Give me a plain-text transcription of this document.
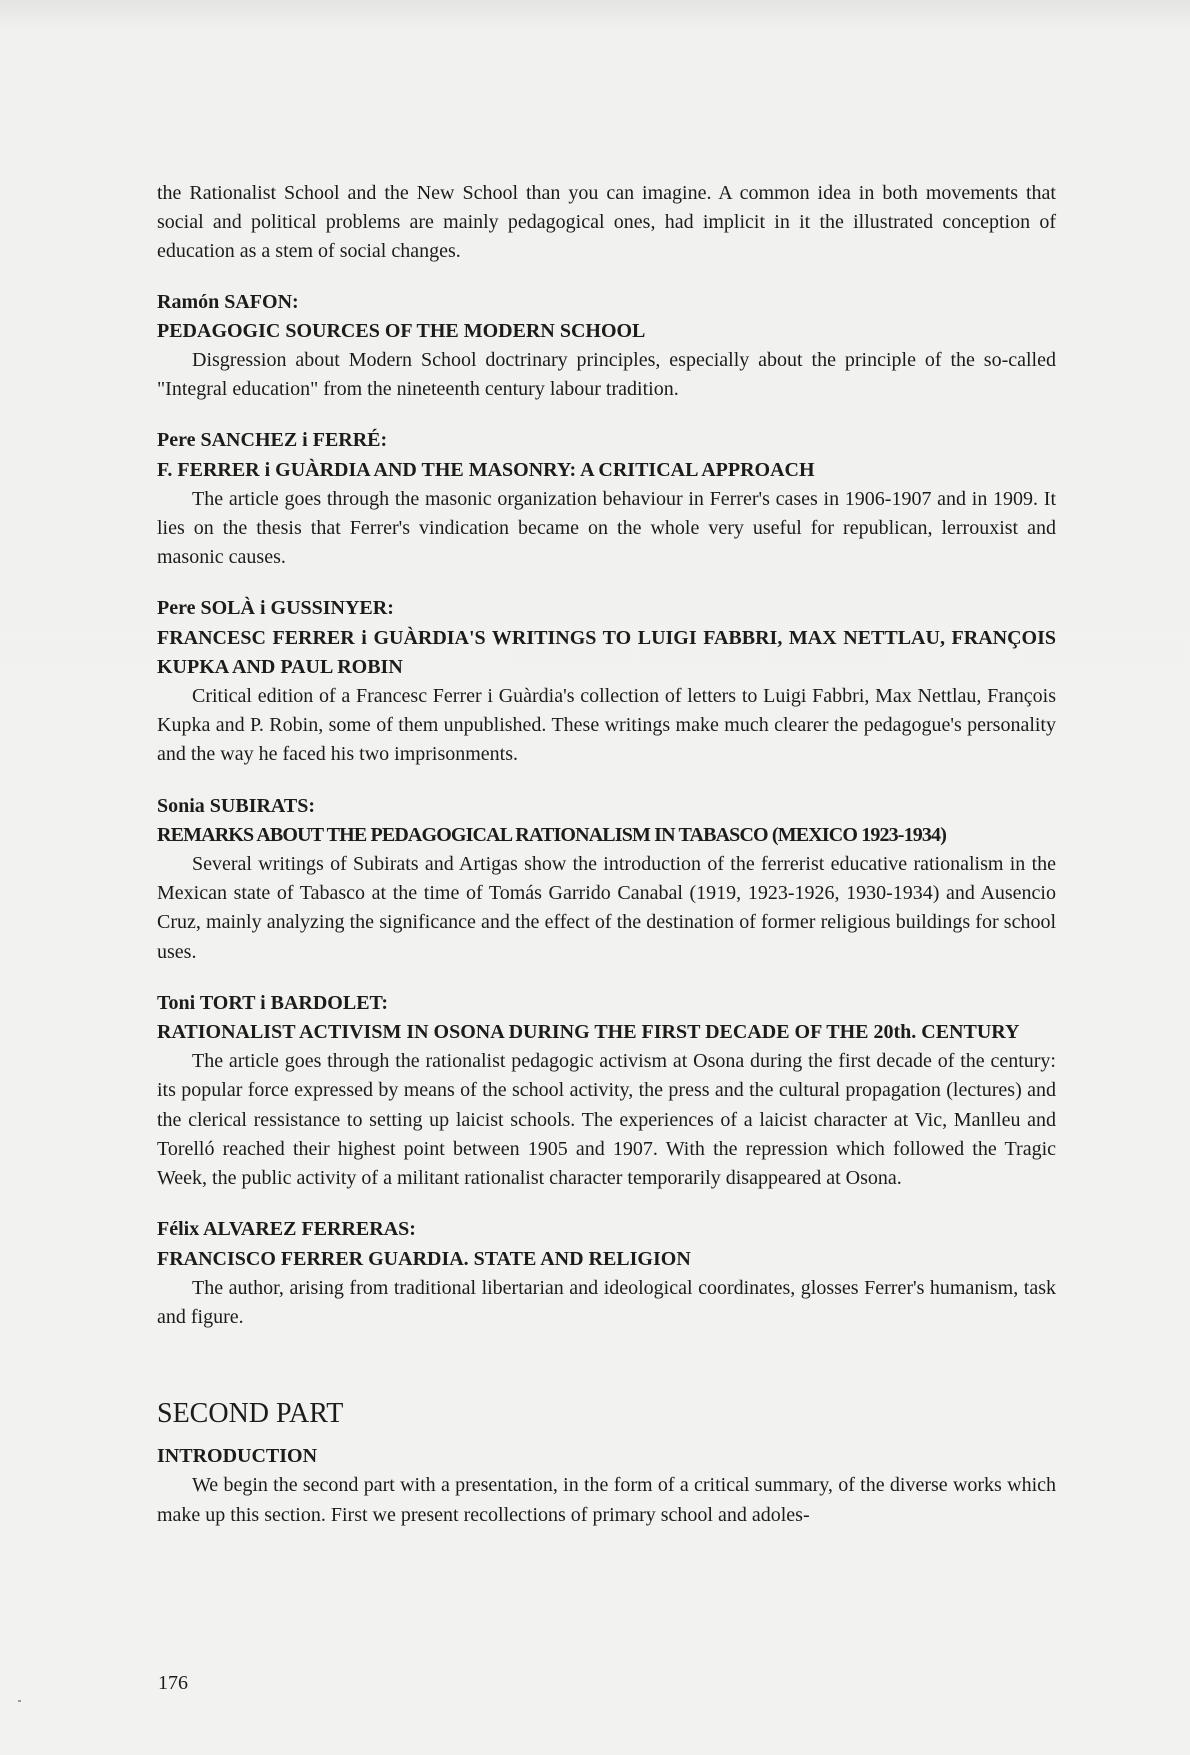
the Rationalist School and the New School than you can imagine. A common idea in both movements that social and political problems are mainly pedagogical ones, had implicit in it the illustrated conception of education as a stem of social changes.

Ramón SAFON:
PEDAGOGIC SOURCES OF THE MODERN SCHOOL

Disgression about Modern School doctrinary principles, especially about the principle of the so-called "Integral education" from the nineteenth century labour tradition.

Pere SANCHEZ i FERRÉ:
F. FERRER i GUÀRDIA AND THE MASONRY: A CRITICAL APPROACH

The article goes through the masonic organization behaviour in Ferrer's cases in 1906-1907 and in 1909. It lies on the thesis that Ferrer's vindication became on the whole very useful for republican, lerrouxist and masonic causes.

Pere SOLÀ i GUSSINYER:
FRANCESC FERRER i GUÀRDIA'S WRITINGS TO LUIGI FABBRI, MAX NETTLAU, FRANÇOIS KUPKA AND PAUL ROBIN

Critical edition of a Francesc Ferrer i Guàrdia's collection of letters to Luigi Fabbri, Max Nettlau, François Kupka and P. Robin, some of them unpublished. These writings make much clearer the pedagogue's personality and the way he faced his two imprisonments.

Sonia SUBIRATS:
REMARKS ABOUT THE PEDAGOGICAL RATIONALISM IN TABASCO (MEXICO 1923-1934)

Several writings of Subirats and Artigas show the introduction of the ferrerist educative rationalism in the Mexican state of Tabasco at the time of Tomás Garrido Canabal (1919, 1923-1926, 1930-1934) and Ausencio Cruz, mainly analyzing the significance and the effect of the destination of former religious buildings for school uses.

Toni TORT i BARDOLET:
RATIONALIST ACTIVISM IN OSONA DURING THE FIRST DECADE OF THE 20th. CENTURY

The article goes through the rationalist pedagogic activism at Osona during the first decade of the century: its popular force expressed by means of the school activity, the press and the cultural propagation (lectures) and the clerical ressistance to setting up laicist schools. The experiences of a laicist character at Vic, Manlleu and Torelló reached their highest point between 1905 and 1907. With the repression which followed the Tragic Week, the public activity of a militant rationalist character temporarily disappeared at Osona.

Félix ALVAREZ FERRERAS:
FRANCISCO FERRER GUARDIA. STATE AND RELIGION

The author, arising from traditional libertarian and ideological coordinates, glosses Ferrer's humanism, task and figure.

SECOND PART
INTRODUCTION

We begin the second part with a presentation, in the form of a critical summary, of the diverse works which make up this section. First we present recollections of primary school and adoles-

176
